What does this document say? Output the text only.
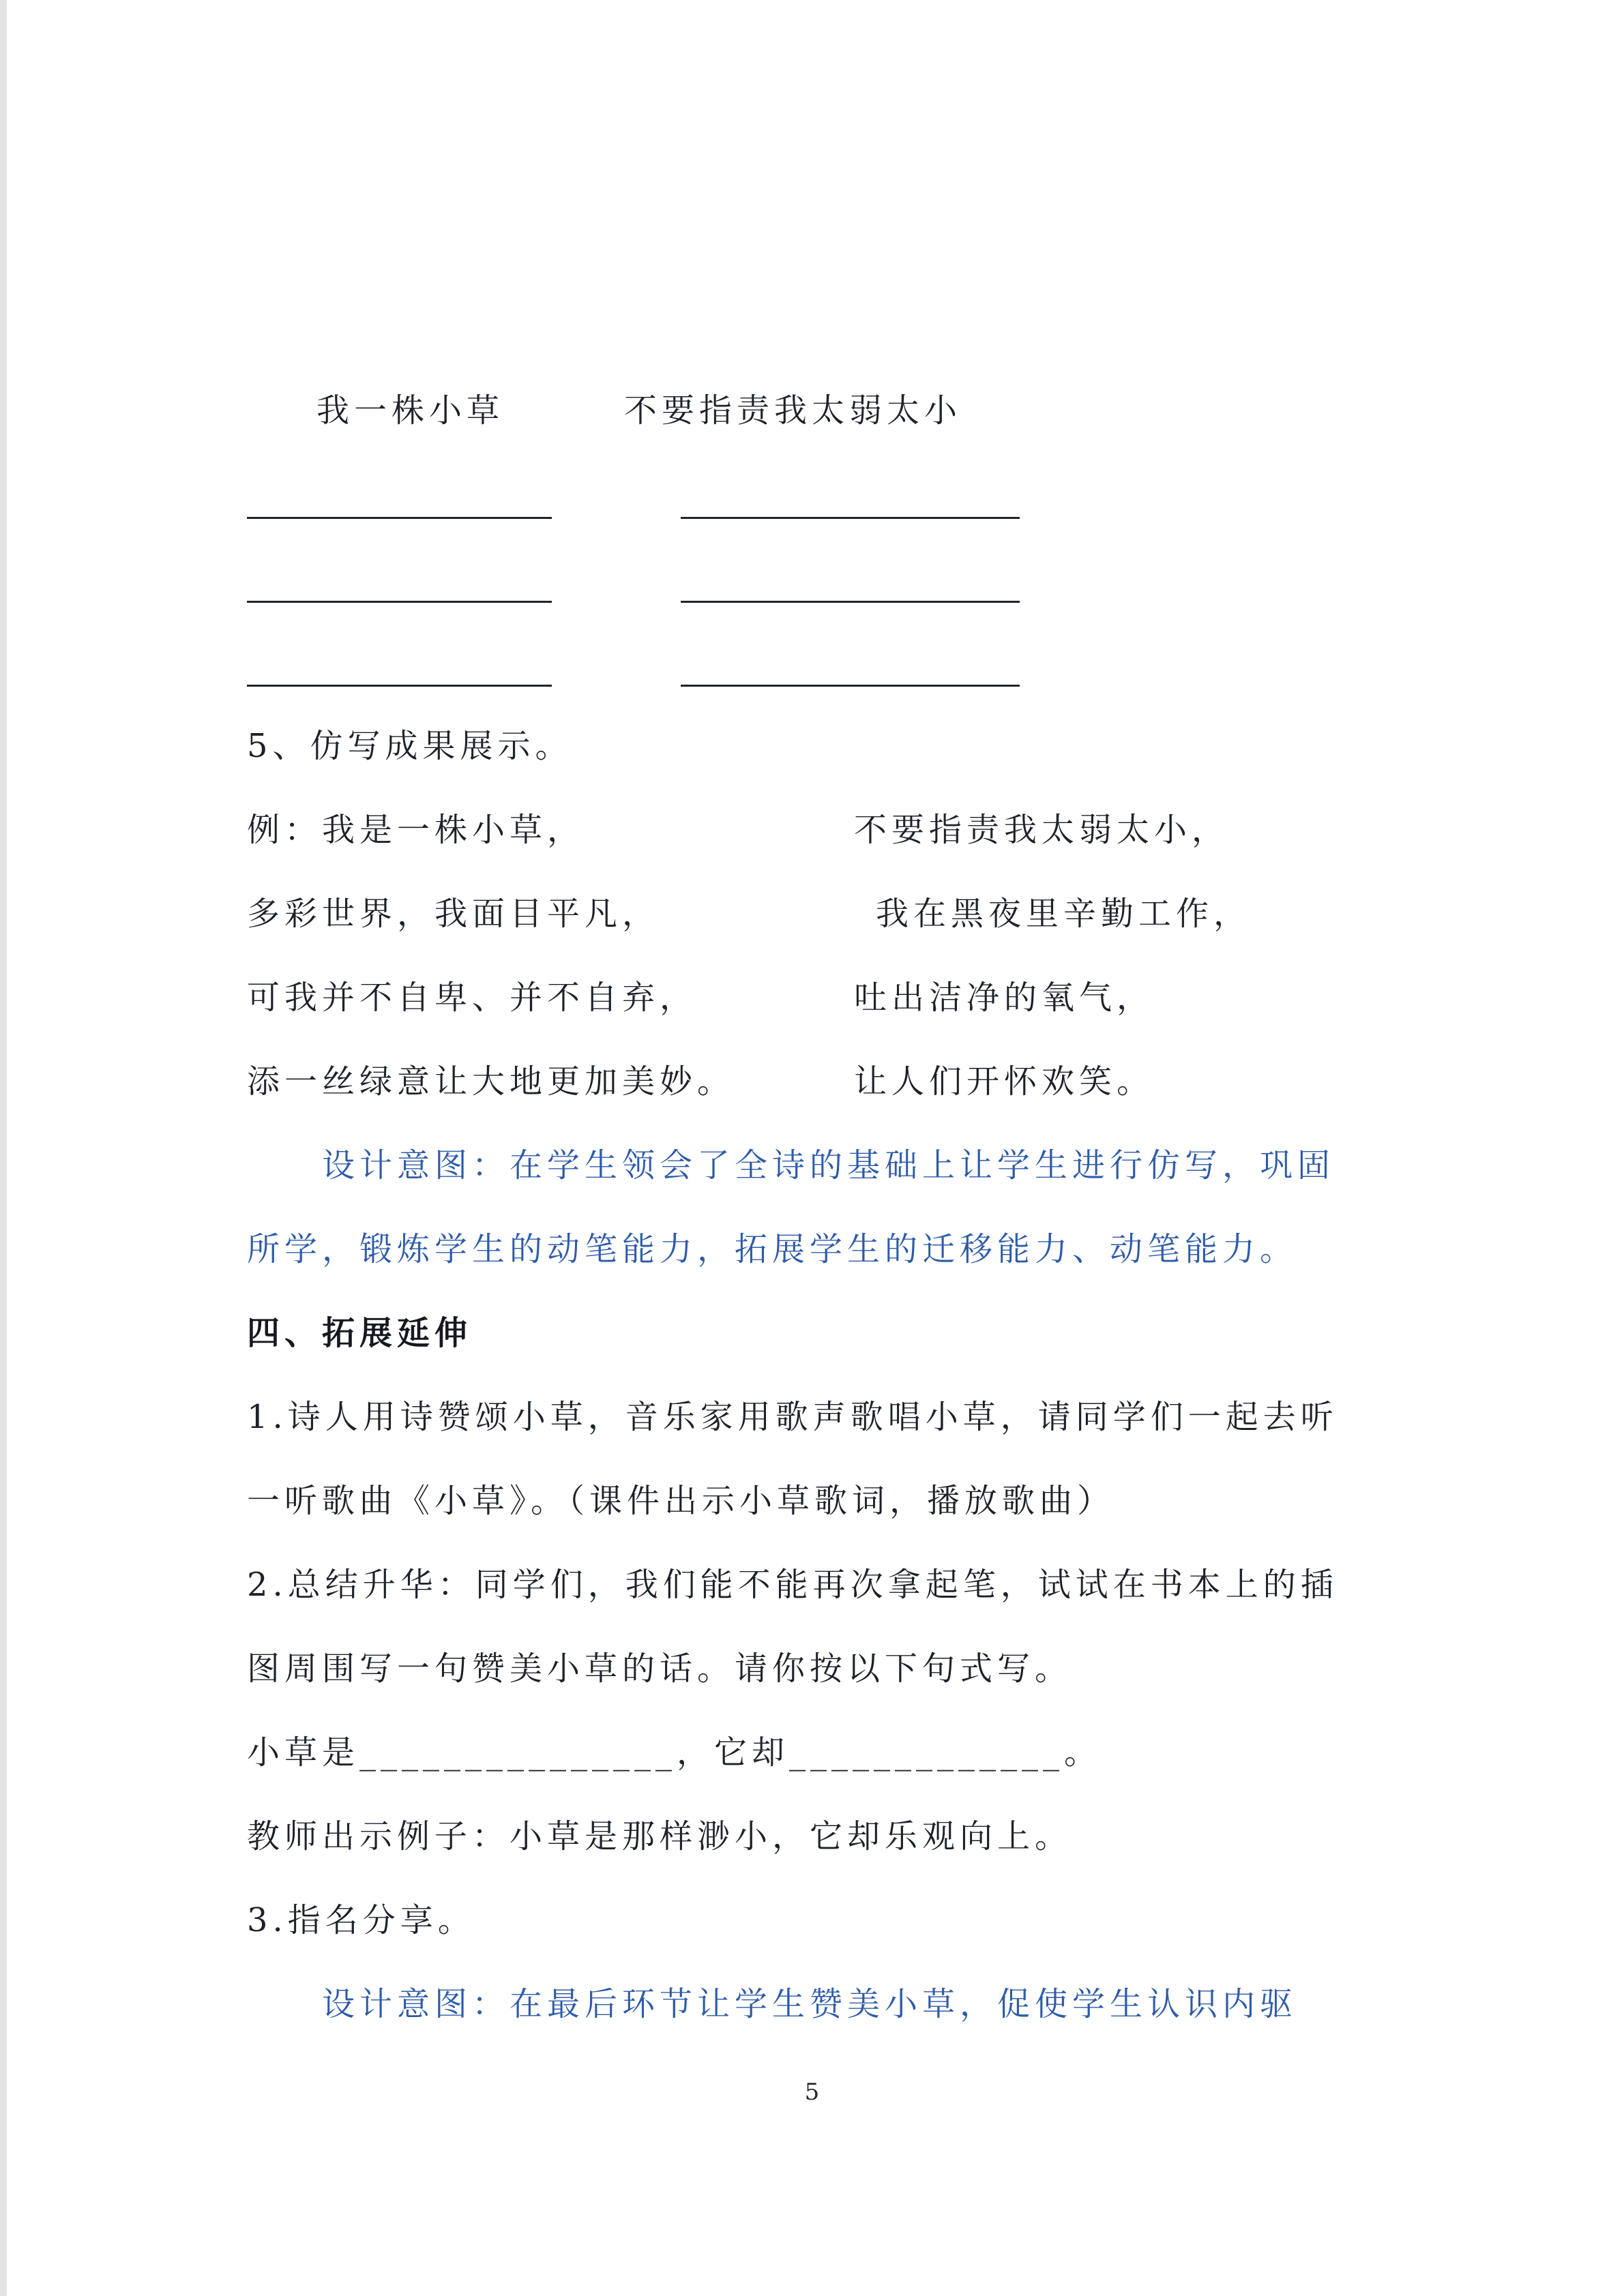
我一株小草	不要指责我太弱太小
5、仿写成果展示。
例：我是一株小草，	不要指责我太弱太小，
多彩世界，我面目平凡，	我在黑夜里辛勤工作，
可我并不自卑、并不自弃，	吐出洁净的氧气，
添一丝绿意让大地更加美妙。	让人们开怀欢笑。
设计意图：在学生领会了全诗的基础上让学生进行仿写，巩固
所学，锻炼学生的动笔能力，拓展学生的迁移能力、动笔能力。
四、拓展延伸
1.诗人用诗赞颂小草，音乐家用歌声歌唱小草，请同学们一起去听
一听歌曲《小草》。（课件出示小草歌词，播放歌曲）
2.总结升华：同学们，我们能不能再次拿起笔，试试在书本上的插
图周围写一句赞美小草的话。请你按以下句式写。
小草是_______________，它却_____________。
教师出示例子：小草是那样渺小，它却乐观向上。
3.指名分享。
设计意图：在最后环节让学生赞美小草，促使学生认识内驱
5
